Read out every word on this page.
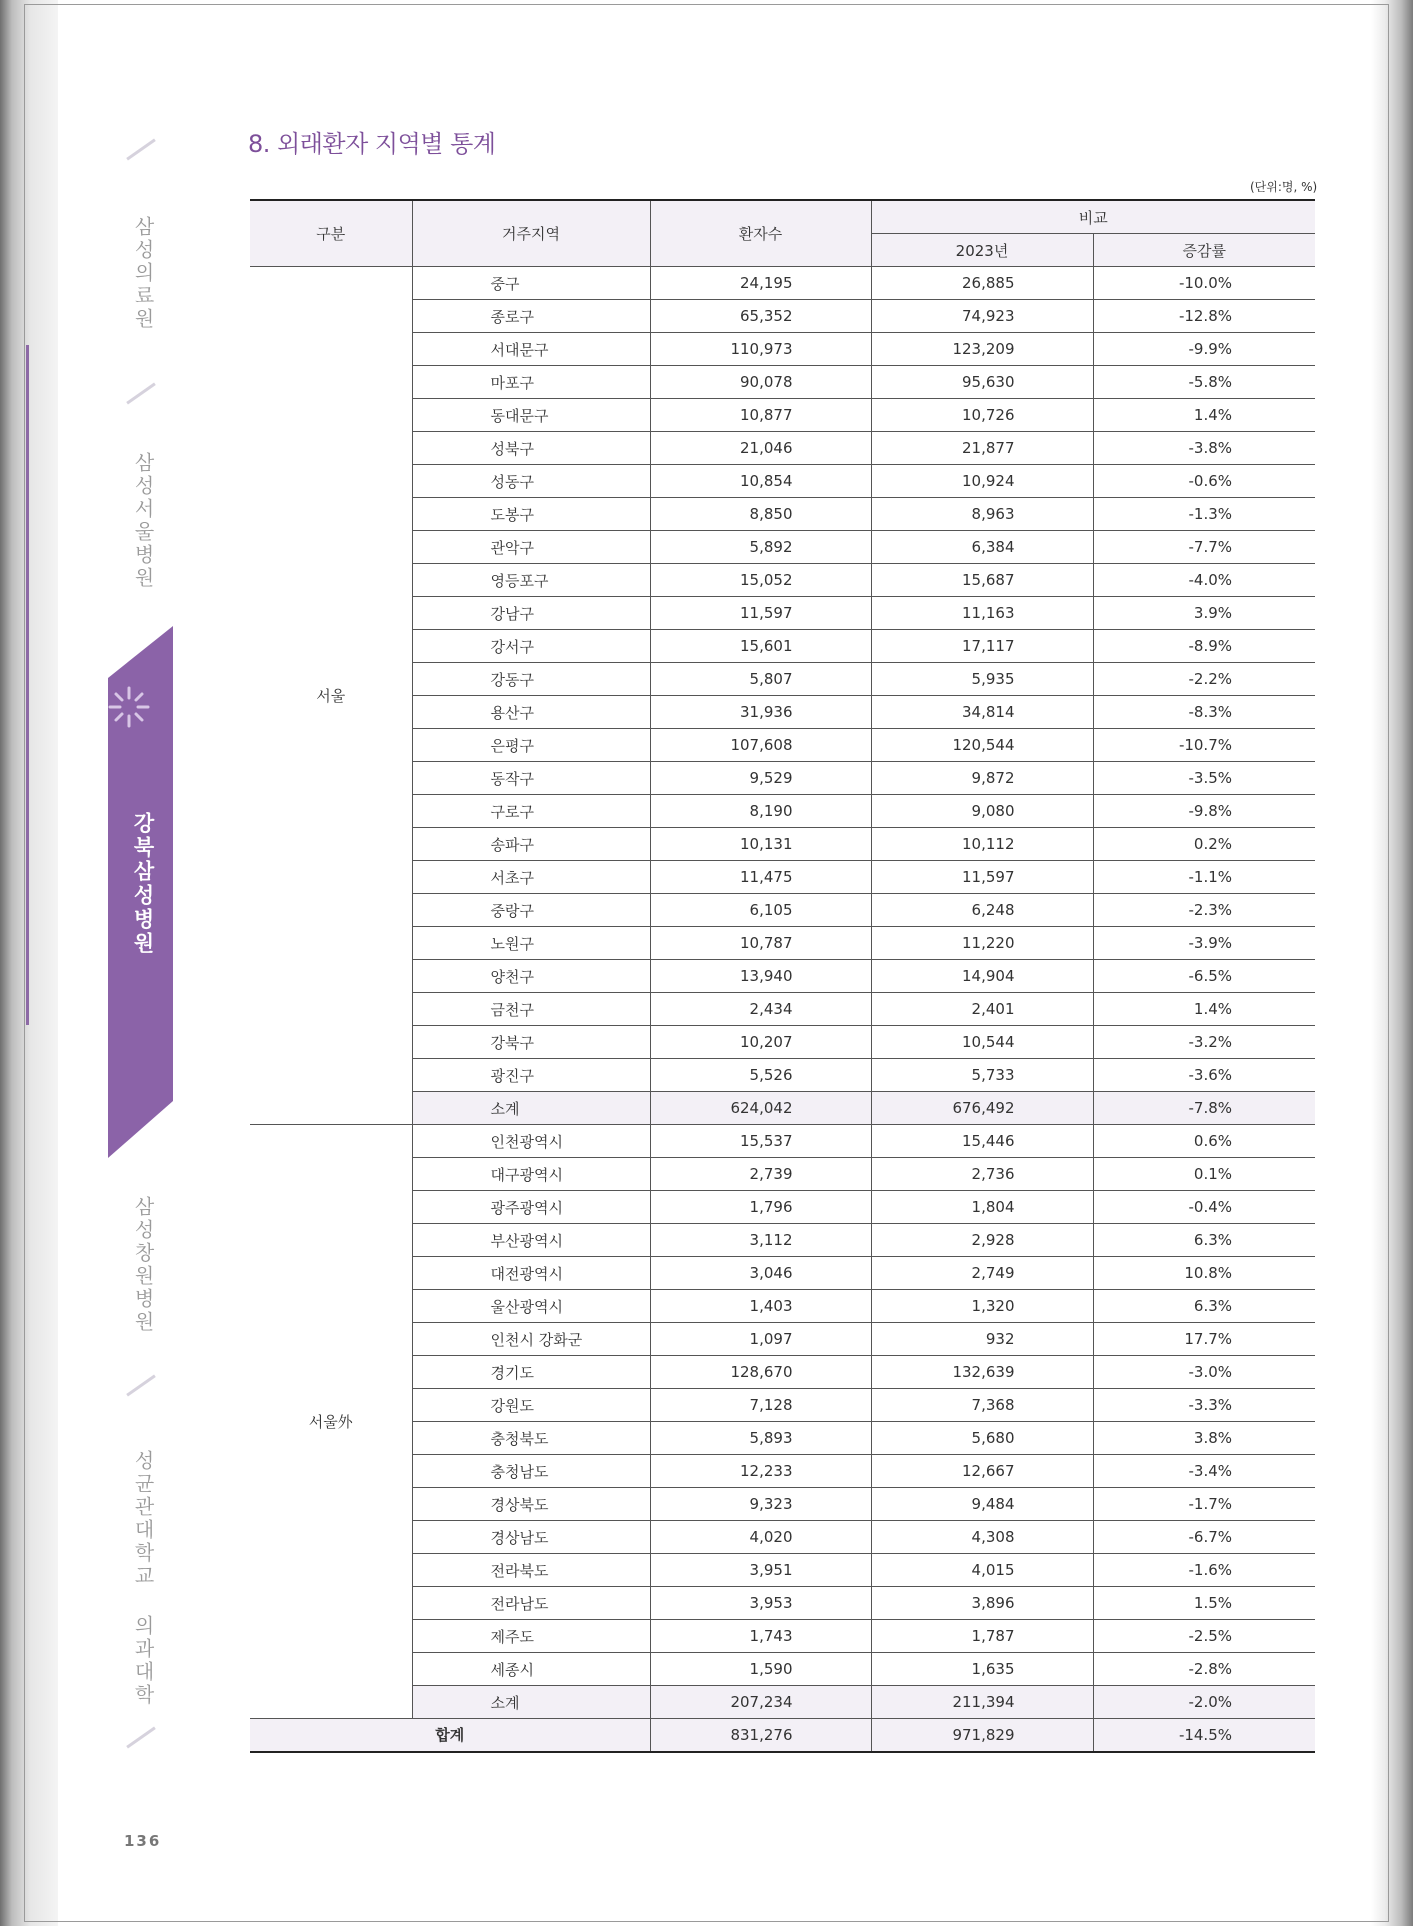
삼성의료원
삼성서울병원
강북삼성병원
삼성창원병원
성균관대학교 의과대학
136
8. 외래환자 지역별 통계
(단위:명, %)
구분	거주지역	환자수	비교	
			2023년	증감률
서울	중구	24,195	26,885	-10.0%
	종로구	65,352	74,923	-12.8%
	서대문구	110,973	123,209	-9.9%
	마포구	90,078	95,630	-5.8%
	동대문구	10,877	10,726	1.4%
	성북구	21,046	21,877	-3.8%
	성동구	10,854	10,924	-0.6%
	도봉구	8,850	8,963	-1.3%
	관악구	5,892	6,384	-7.7%
	영등포구	15,052	15,687	-4.0%
	강남구	11,597	11,163	3.9%
	강서구	15,601	17,117	-8.9%
	강동구	5,807	5,935	-2.2%
	용산구	31,936	34,814	-8.3%
	은평구	107,608	120,544	-10.7%
	동작구	9,529	9,872	-3.5%
	구로구	8,190	9,080	-9.8%
	송파구	10,131	10,112	0.2%
	서초구	11,475	11,597	-1.1%
	중랑구	6,105	6,248	-2.3%
	노원구	10,787	11,220	-3.9%
	양천구	13,940	14,904	-6.5%
	금천구	2,434	2,401	1.4%
	강북구	10,207	10,544	-3.2%
	광진구	5,526	5,733	-3.6%
	소계	624,042	676,492	-7.8%
서울外	인천광역시	15,537	15,446	0.6%
	대구광역시	2,739	2,736	0.1%
	광주광역시	1,796	1,804	-0.4%
	부산광역시	3,112	2,928	6.3%
	대전광역시	3,046	2,749	10.8%
	울산광역시	1,403	1,320	6.3%
	인천시 강화군	1,097	932	17.7%
	경기도	128,670	132,639	-3.0%
	강원도	7,128	7,368	-3.3%
	충청북도	5,893	5,680	3.8%
	충청남도	12,233	12,667	-3.4%
	경상북도	9,323	9,484	-1.7%
	경상남도	4,020	4,308	-6.7%
	전라북도	3,951	4,015	-1.6%
	전라남도	3,953	3,896	1.5%
	제주도	1,743	1,787	-2.5%
	세종시	1,590	1,635	-2.8%
	소계	207,234	211,394	-2.0%
합계		831,276	971,829	-14.5%
